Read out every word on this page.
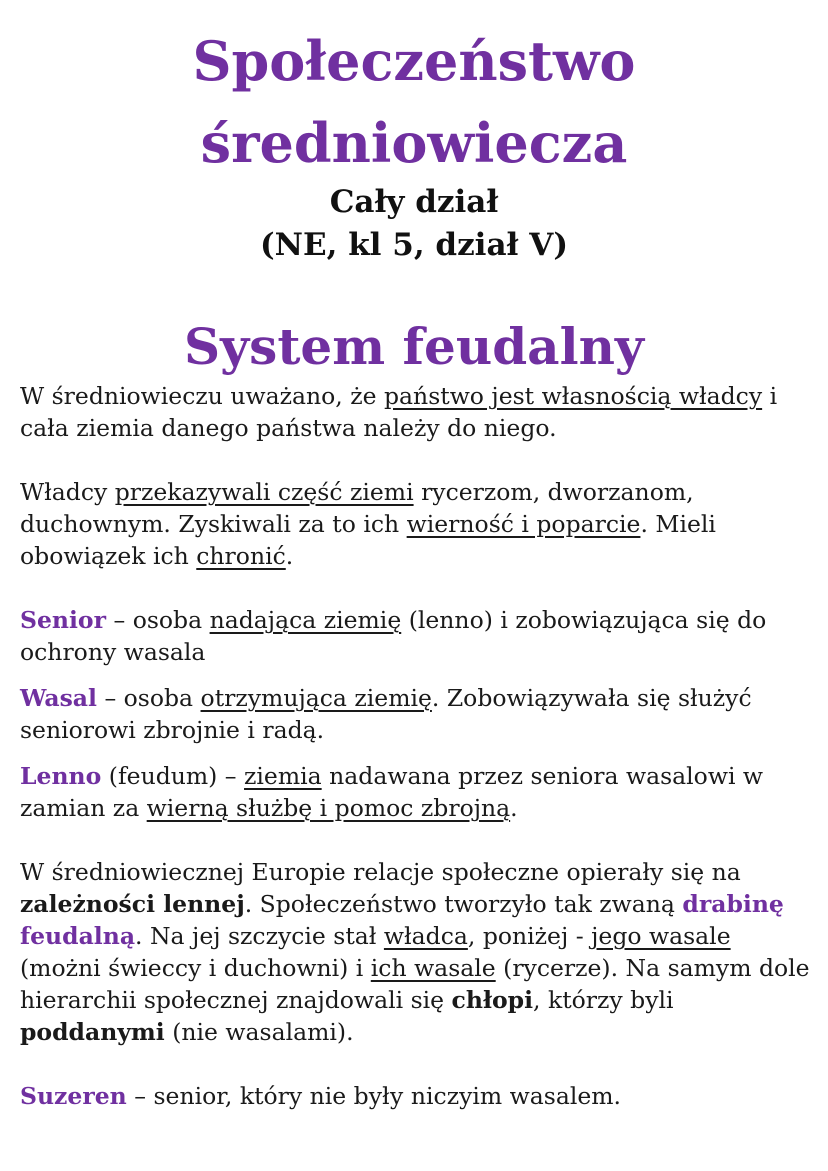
Społeczeństwo
średniowiecza
Cały dział
(NE, kl 5, dział V)
System feudalny

W średniowieczu uważano, że państwo jest własnością władcy i cała ziemia danego państwa należy do niego.

Władcy przekazywali część ziemi rycerzom, dworzanom, duchownym. Zyskiwali za to ich wierność i poparcie. Mieli obowiązek ich chronić.

Senior – osoba nadająca ziemię (lenno) i zobowiązująca się do ochrony wasala

Wasal – osoba otrzymująca ziemię. Zobowiązywała się służyć seniorowi zbrojnie i radą.

Lenno (feudum) – ziemia nadawana przez seniora wasalowi w zamian za wierną służbę i pomoc zbrojną.

W średniowiecznej Europie relacje społeczne opierały się na zależności lennej. Społeczeństwo tworzyło tak zwaną drabinę feudalną. Na jej szczycie stał władca, poniżej - jego wasale (możni świeccy i duchowni) i ich wasale (rycerze). Na samym dole hierarchii społecznej znajdowali się chłopi, którzy byli poddanymi (nie wasalami).

Suzeren – senior, który nie byłу niczyim wasalem.
